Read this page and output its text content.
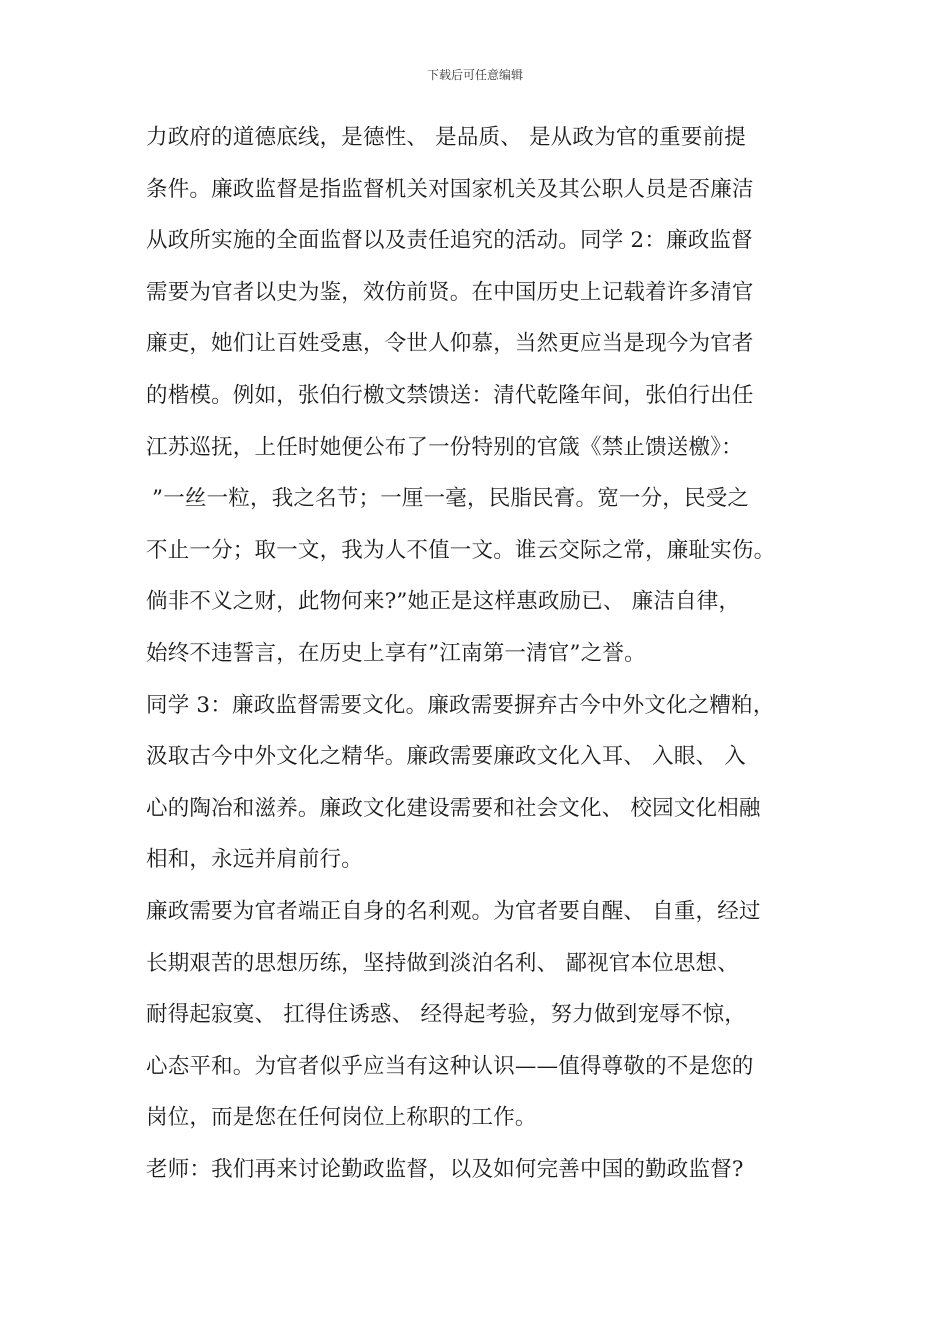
下载后可任意编辑
力政府的道德底线，是德性、 是品质、 是从政为官的重要前提
条件。廉政监督是指监督机关对国家机关及其公职人员是否廉洁
从政所实施的全面监督以及责任追究的活动。同学 2：廉政监督
需要为官者以史为鉴，效仿前贤。在中国历史上记载着许多清官
廉吏，她们让百姓受惠，令世人仰慕，当然更应当是现今为官者
的楷模。例如，张伯行檄文禁馈送：清代乾隆年间，张伯行出任
江苏巡抚，上任时她便公布了一份特别的官箴《禁止馈送檄》：
”一丝一粒，我之名节；一厘一毫，民脂民膏。宽一分，民受之
不止一分；取一文，我为人不值一文。谁云交际之常，廉耻实伤。
倘非不义之财，此物何来?”她正是这样惠政励已、 廉洁自律，
始终不违誓言，在历史上享有”江南第一清官”之誉。
同学 3：廉政监督需要文化。廉政需要摒弃古今中外文化之糟粕，
汲取古今中外文化之精华。廉政需要廉政文化入耳、 入眼、 入
心的陶冶和滋养。廉政文化建设需要和社会文化、 校园文化相融
相和，永远并肩前行。
廉政需要为官者端正自身的名利观。为官者要自醒、 自重，经过
长期艰苦的思想历练，坚持做到淡泊名利、 鄙视官本位思想、
耐得起寂寞、 扛得住诱惑、 经得起考验，努力做到宠辱不惊，
心态平和。为官者似乎应当有这种认识——值得尊敬的不是您的
岗位，而是您在任何岗位上称职的工作。
老师：我们再来讨论勤政监督，以及如何完善中国的勤政监督?
